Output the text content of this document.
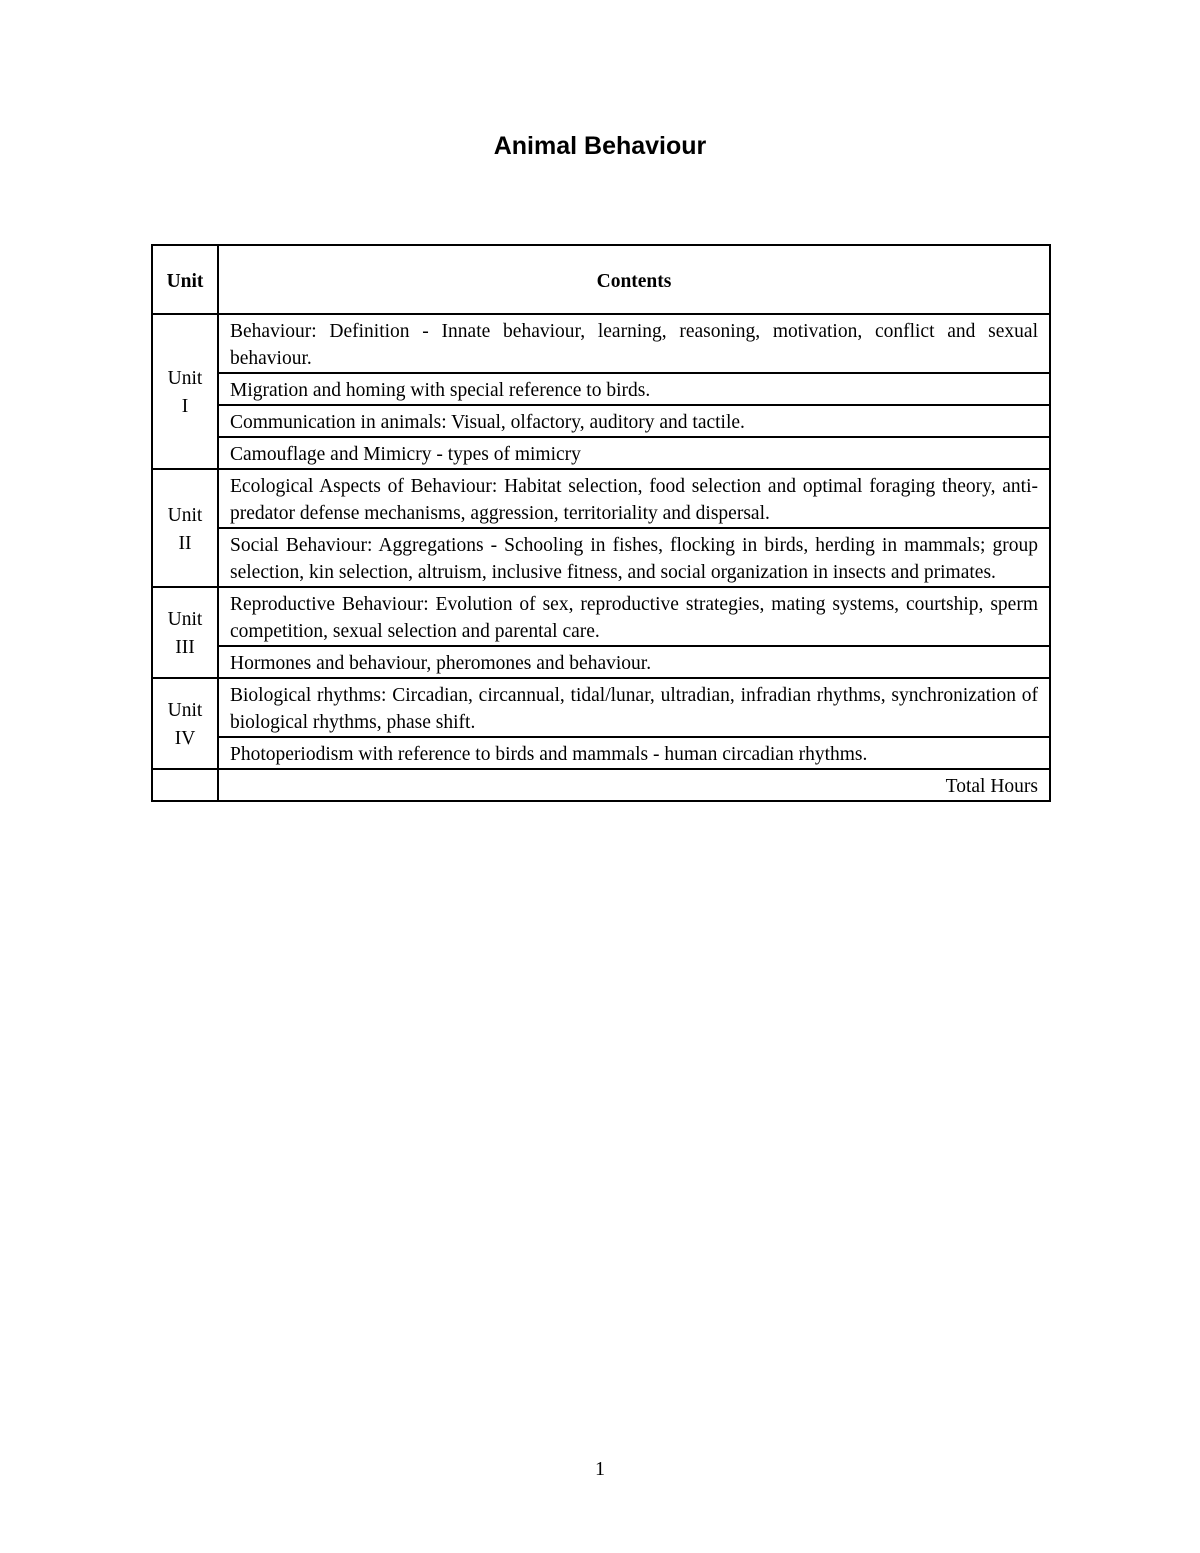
Animal Behaviour
Unit	Contents
Unit
I	Behaviour: Definition - Innate behaviour, learning, reasoning, motivation, conflict and sexual behaviour.
	Migration and homing with special reference to birds.
	Communication in animals: Visual, olfactory, auditory and tactile.
	Camouflage and Mimicry - types of mimicry
Unit
II	Ecological Aspects of Behaviour: Habitat selection, food selection and optimal foraging theory, anti-predator defense mechanisms, aggression, territoriality and dispersal.
	Social Behaviour: Aggregations - Schooling in fishes, flocking in birds, herding in mammals; group selection, kin selection, altruism, inclusive fitness, and social organization in insects and primates.
Unit
III	Reproductive Behaviour: Evolution of sex, reproductive strategies, mating systems, courtship, sperm competition, sexual selection and parental care.
	Hormones and behaviour, pheromones and behaviour.
Unit
IV	Biological rhythms: Circadian, circannual, tidal/lunar, ultradian, infradian rhythms, synchronization of biological rhythms, phase shift.
	Photoperiodism with reference to birds and mammals - human circadian rhythms.
	Total Hours
1
